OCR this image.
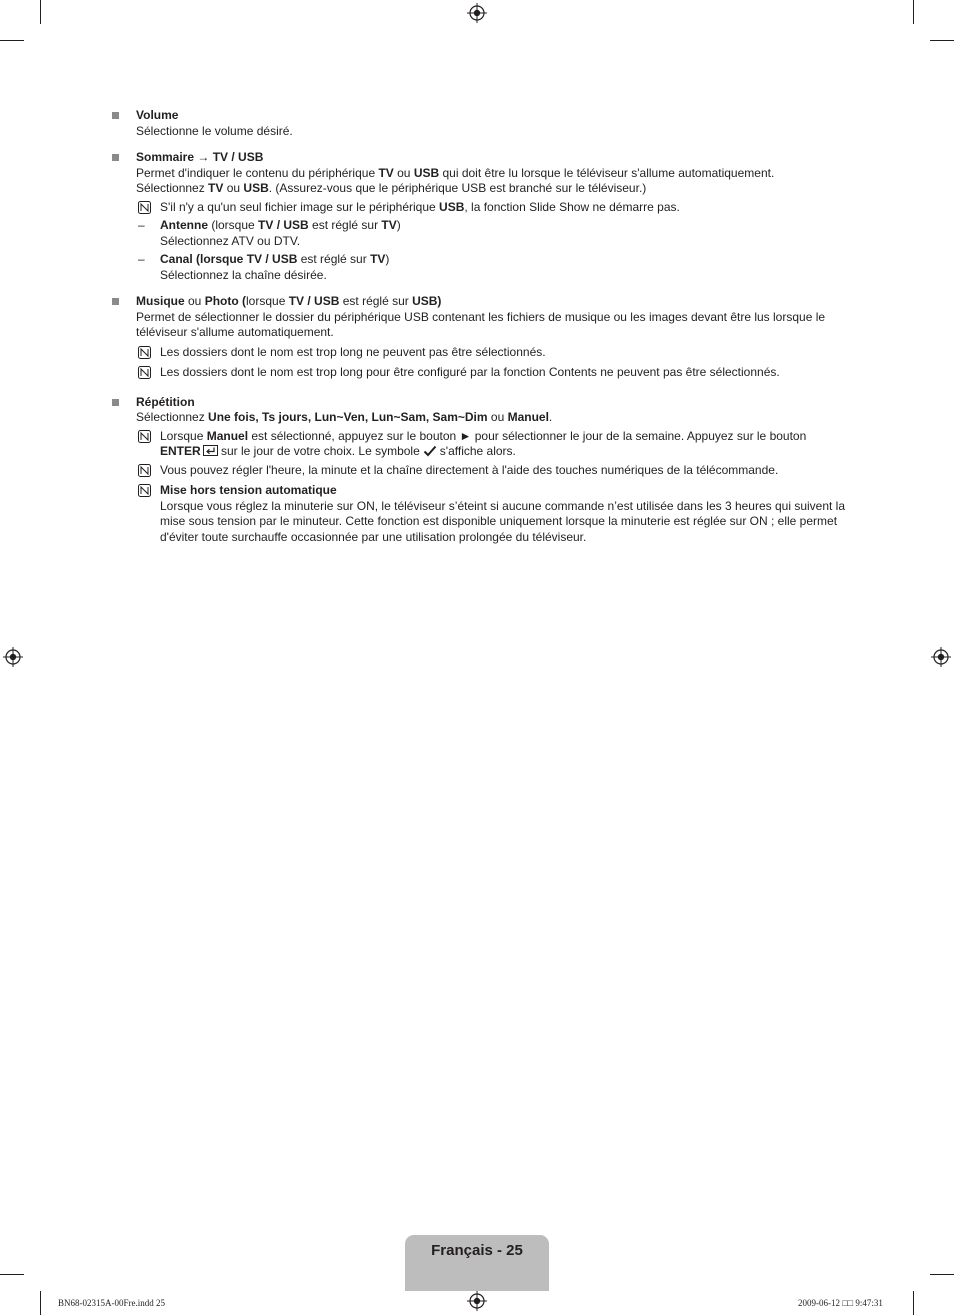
Volume
Sélectionne le volume désiré.
Sommaire → TV / USB
Permet d'indiquer le contenu du périphérique TV ou USB qui doit être lu lorsque le téléviseur s'allume automatiquement.
Sélectionnez TV ou USB. (Assurez-vous que le périphérique USB est branché sur le téléviseur.)
S'il n'y a qu'un seul fichier image sur le périphérique USB, la fonction Slide Show ne démarre pas.
– Antenne (lorsque TV / USB est réglé sur TV)
Sélectionnez ATV ou DTV.
– Canal (lorsque TV / USB est réglé sur TV)
Sélectionnez la chaîne désirée.
Musique ou Photo (lorsque TV / USB est réglé sur USB)
Permet de sélectionner le dossier du périphérique USB contenant les fichiers de musique ou les images devant être lus lorsque le téléviseur s'allume automatiquement.
Les dossiers dont le nom est trop long ne peuvent pas être sélectionnés.
Les dossiers dont le nom est trop long pour être configuré par la fonction Contents ne peuvent pas être sélectionnés.
Répétition
Sélectionnez Une fois, Ts jours, Lun~Ven, Lun~Sam, Sam~Dim ou Manuel.
Lorsque Manuel est sélectionné, appuyez sur le bouton ► pour sélectionner le jour de la semaine. Appuyez sur le bouton
ENTER sur le jour de votre choix. Le symbole s'affiche alors.
Vous pouvez régler l'heure, la minute et la chaîne directement à l'aide des touches numériques de la télécommande.
Mise hors tension automatique
Lorsque vous réglez la minuterie sur ON, le téléviseur s’éteint si aucune commande n’est utilisée dans les 3 heures qui suivent la mise sous tension par le minuteur. Cette fonction est disponible uniquement lorsque la minuterie est réglée sur ON ; elle permet d'éviter toute surchauffe occasionnée par une utilisation prolongée du téléviseur.
Français - 25
BN68-02315A-00Fre.indd 25	2009-06-12 □□ 9:47:31
